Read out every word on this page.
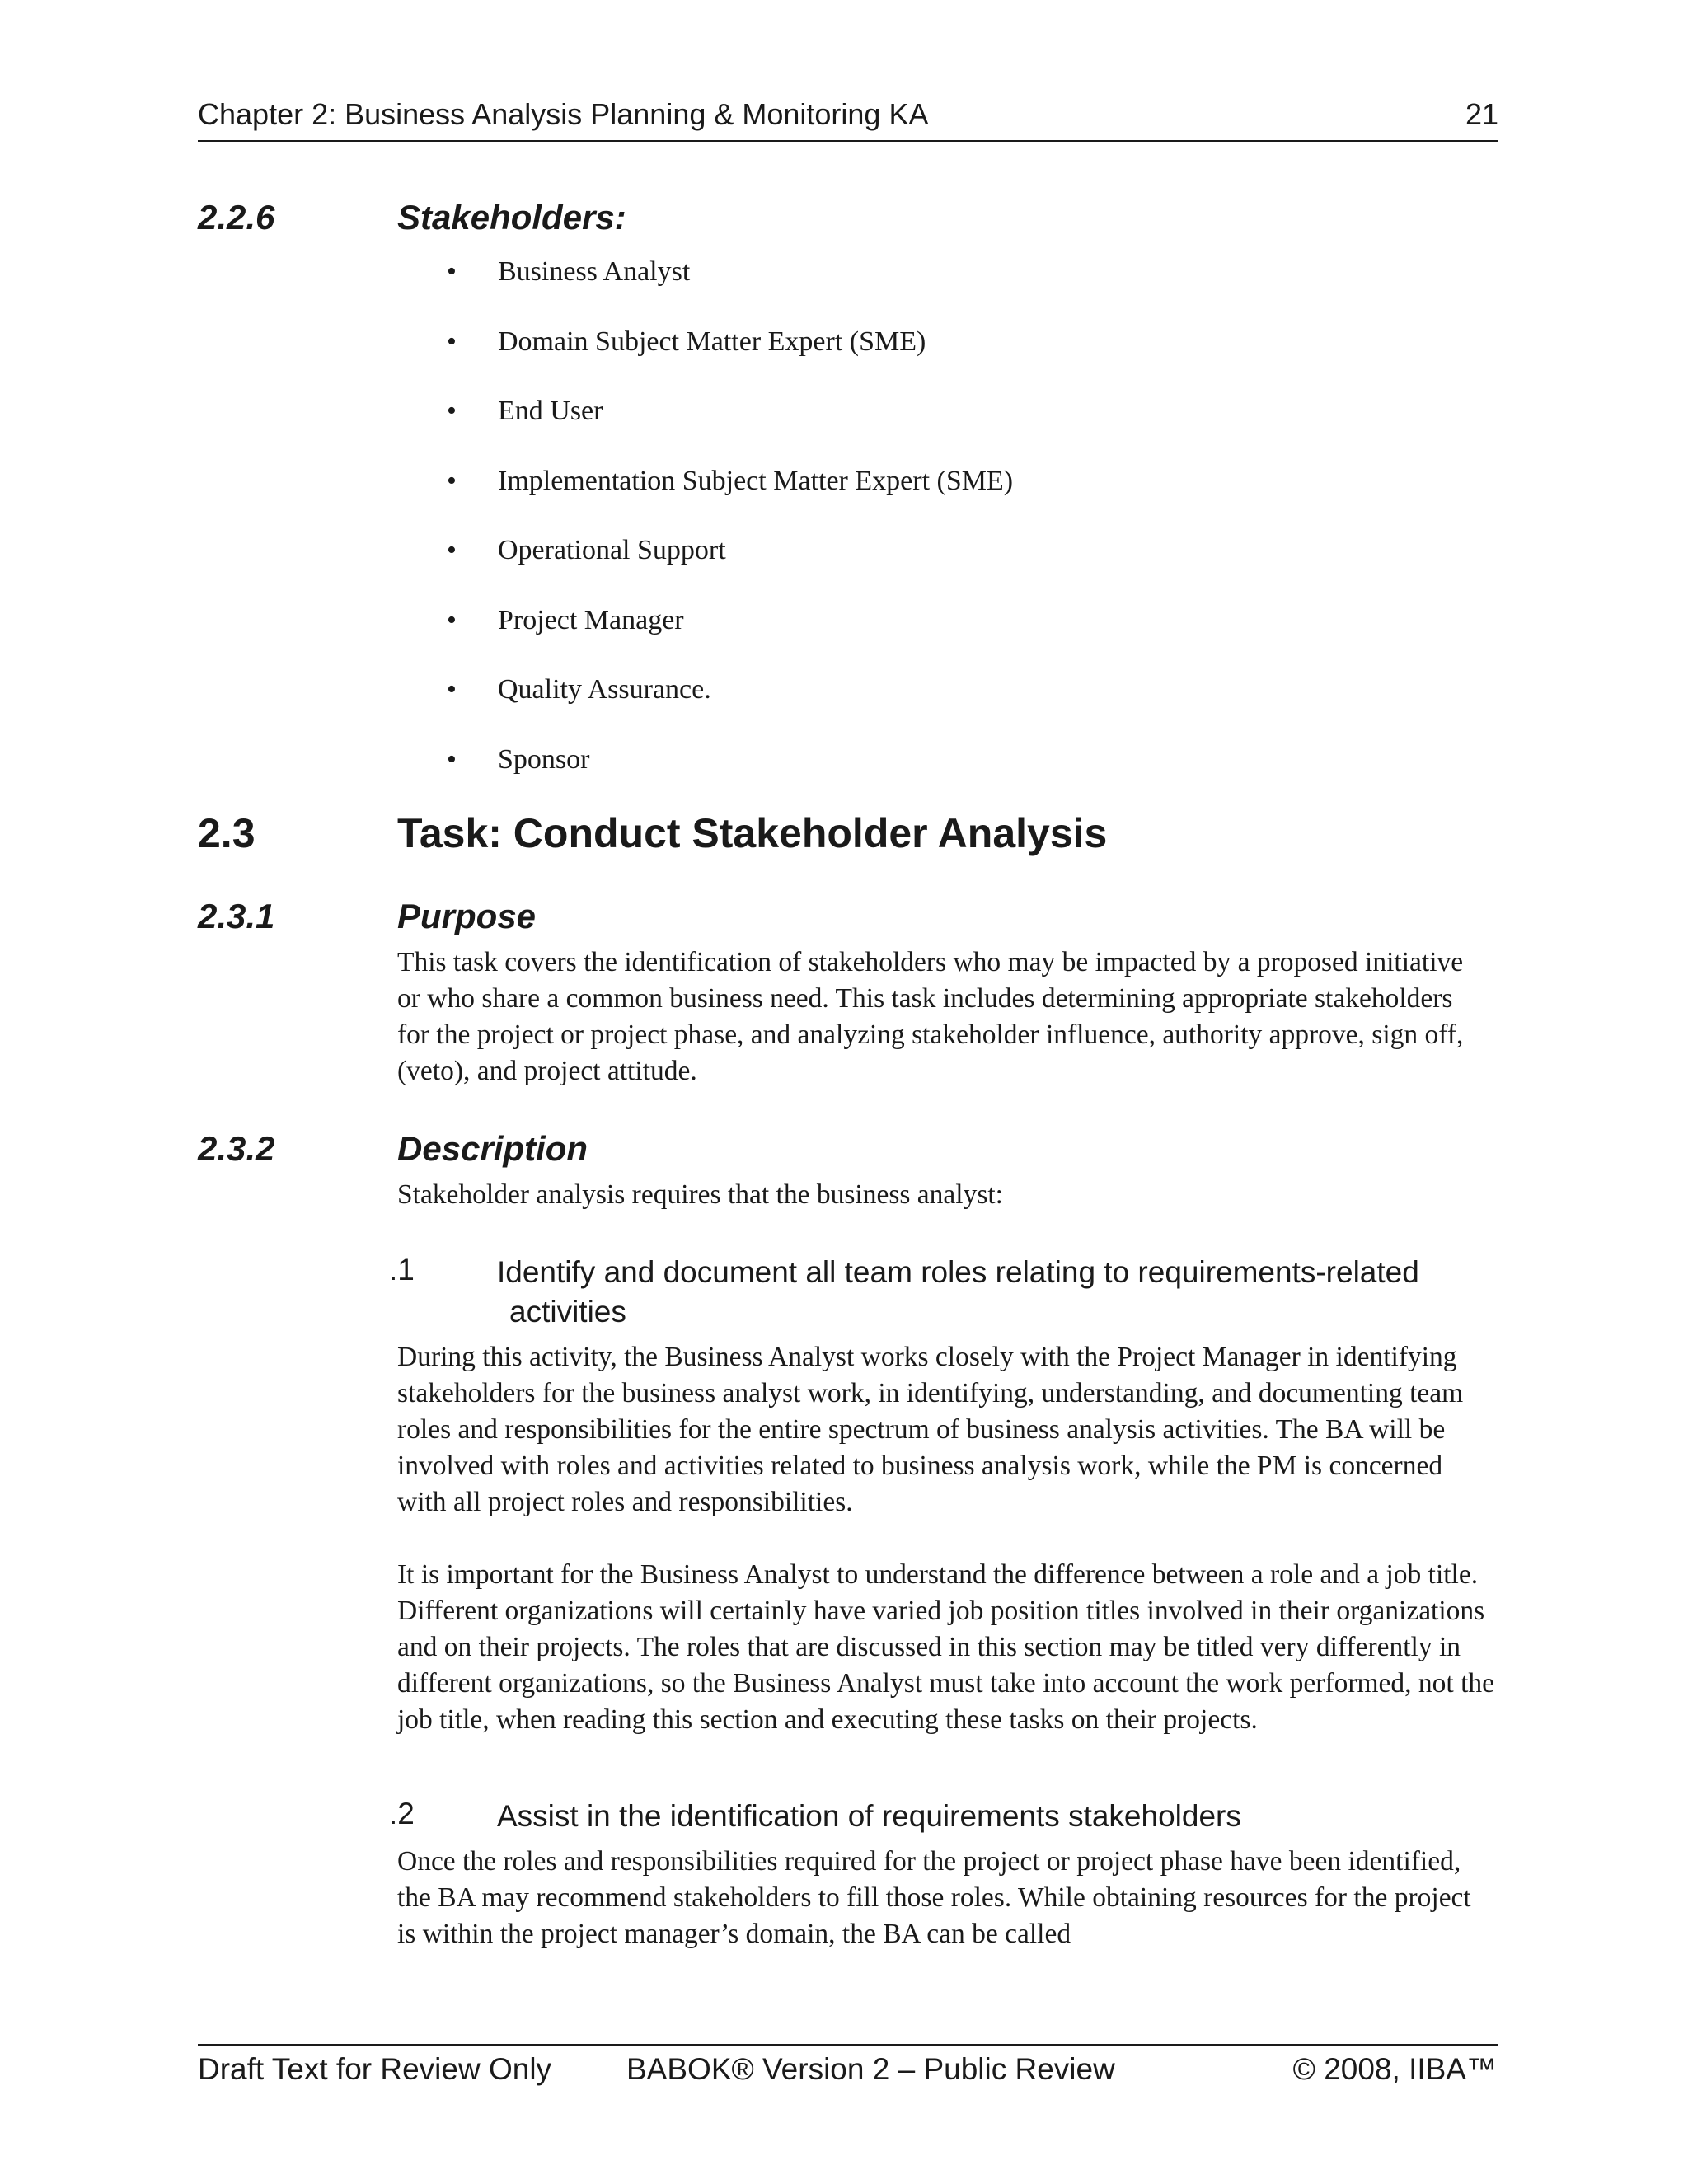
Chapter 2: Business Analysis Planning & Monitoring KA	21
2.2.6	Stakeholders:
• Business Analyst
• Domain Subject Matter Expert (SME)
• End User
• Implementation Subject Matter Expert (SME)
• Operational Support
• Project Manager
• Quality Assurance.
• Sponsor
2.3	Task: Conduct Stakeholder Analysis
2.3.1	Purpose

This task covers the identification of stakeholders who may be impacted by a proposed initiative or who share a common business need. This task includes determining appropriate stakeholders for the project or project phase, and analyzing stakeholder influence, authority approve, sign off, (veto), and project attitude.

2.3.2	Description

Stakeholder analysis requires that the business analyst:

.1	Identify and document all team roles relating to requirements-related
activities

During this activity, the Business Analyst works closely with the Project Manager in identifying stakeholders for the business analyst work, in identifying, understanding, and documenting team roles and responsibilities for the entire spectrum of business analysis activities. The BA will be involved with roles and activities related to business analysis work, while the PM is concerned with all project roles and responsibilities.

It is important for the Business Analyst to understand the difference between a role and a job title. Different organizations will certainly have varied job position titles involved in their organizations and on their projects. The roles that are discussed in this section may be titled very differently in different organizations, so the Business Analyst must take into account the work performed, not the job title, when reading this section and executing these tasks on their projects.

.2	Assist in the identification of requirements stakeholders

Once the roles and responsibilities required for the project or project phase have been identified, the BA may recommend stakeholders to fill those roles. While obtaining resources for the project is within the project manager’s domain, the BA can be called

Draft Text for Review Only BABOK® Version 2 – Public Review	© 2008, IIBA™
